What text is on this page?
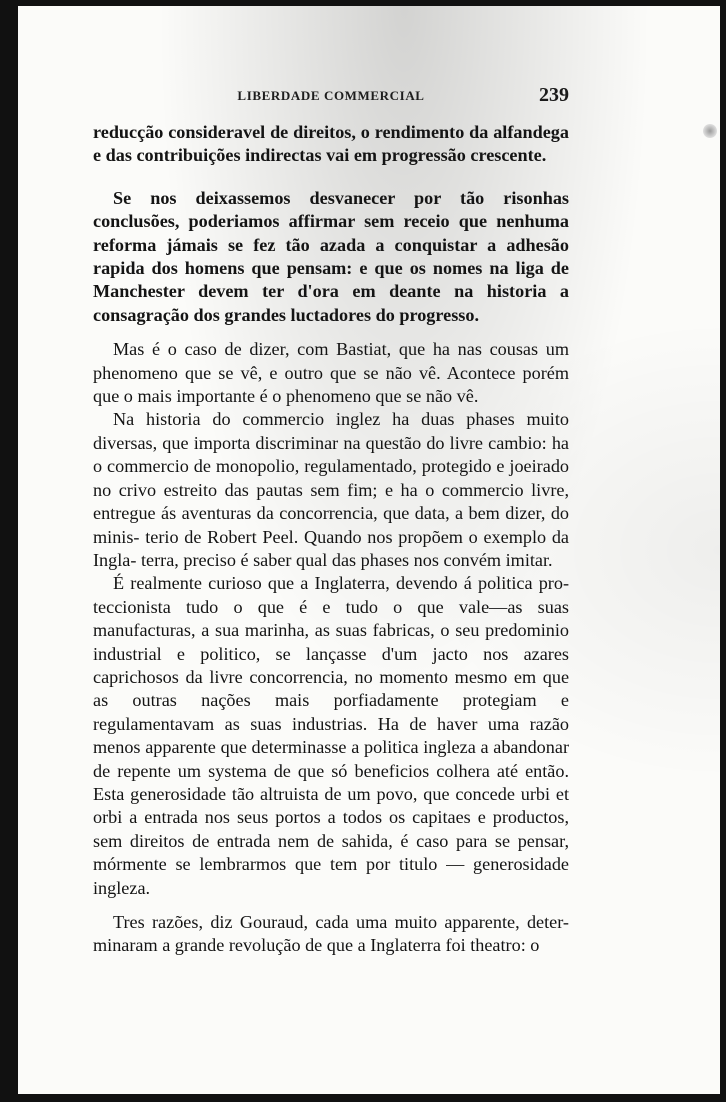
LIBERDADE COMMERCIAL	239

reducção consideravel de direitos, o rendimento da alfandega e das contribuições indirectas vai em progressão crescente.

Se nos deixassemos desvanecer por tão risonhas conclusões, poderiamos affirmar sem receio que nenhuma reforma jámais se fez tão azada a conquistar a adhesão rapida dos homens que pensam: e que os nomes na liga de Manchester devem ter d'ora em deante na historia a consagração dos grandes luctadores do progresso.

Mas é o caso de dizer, com Bastiat, que ha nas cousas um phenomeno que se vê, e outro que se não vê. Acontece porém que o mais importante é o phenomeno que se não vê.

Na historia do commercio inglez ha duas phases muito diversas, que importa discriminar na questão do livre cambio: ha o commercio de monopolio, regulamentado, protegido e joeirado no crivo estreito das pautas sem fim; e ha o commercio livre, entregue ás aventuras da concorrencia, que data, a bem dizer, do minis- terio de Robert Peel. Quando nos propõem o exemplo da Ingla- terra, preciso é saber qual das phases nos convém imitar.

É realmente curioso que a Inglaterra, devendo á politica pro- teccionista tudo o que é e tudo o que vale—as suas manufacturas, a sua marinha, as suas fabricas, o seu predominio industrial e politico, se lançasse d'um jacto nos azares caprichosos da livre concorrencia, no momento mesmo em que as outras nações mais porfiadamente protegiam e regulamentavam as suas industrias. Ha de haver uma razão menos apparente que determinasse a politica ingleza a abandonar de repente um systema de que só beneficios colhera até então. Esta generosidade tão altruista de um povo, que concede urbi et orbi a entrada nos seus portos a todos os capitaes e productos, sem direitos de entrada nem de sahida, é caso para se pensar, mórmente se lembrarmos que tem por titulo — generosidade ingleza.

Tres razões, diz Gouraud, cada uma muito apparente, deter- minaram a grande revolução de que a Inglaterra foi theatro: o
